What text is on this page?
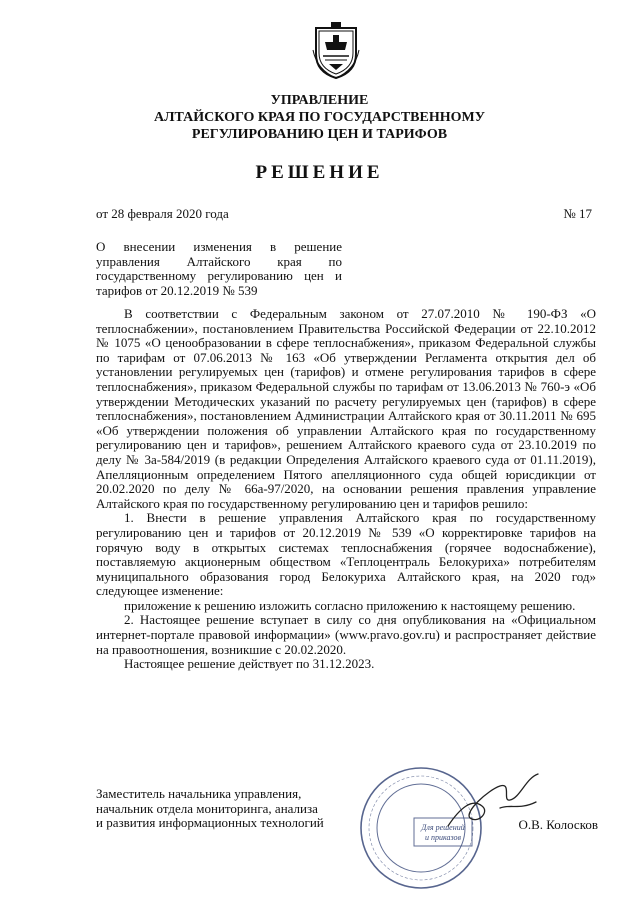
УПРАВЛЕНИЕ
АЛТАЙСКОГО КРАЯ ПО ГОСУДАРСТВЕННОМУ
РЕГУЛИРОВАНИЮ ЦЕН И ТАРИФОВ
РЕШЕНИЕ
от 28 февраля 2020 года	№ 17
О внесении изменения в решение управления Алтайского края по государственному регулированию цен и тарифов от 20.12.2019 № 539

В соответствии с Федеральным законом от 27.07.2010 № 190-ФЗ «О теплоснабжении», постановлением Правительства Российской Федерации от 22.10.2012 № 1075 «О ценообразовании в сфере теплоснабжения», приказом Федеральной службы по тарифам от 07.06.2013 № 163 «Об утверждении Регламента открытия дел об установлении регулируемых цен (тарифов) и отмене регулирования тарифов в сфере теплоснабжения», приказом Федеральной службы по тарифам от 13.06.2013 № 760-э «Об утверждении Методических указаний по расчету регулируемых цен (тарифов) в сфере теплоснабжения», постановлением Администрации Алтайского края от 30.11.2011 № 695 «Об утверждении положения об управлении Алтайского края по государственному регулированию цен и тарифов», решением Алтайского краевого суда от 23.10.2019 по делу № 3а-584/2019 (в редакции Определения Алтайского краевого суда от 01.11.2019), Апелляционным определением Пятого апелляционного суда общей юрисдикции от 20.02.2020 по делу № 66а-97/2020, на основании решения правления управление Алтайского края по государственному регулированию цен и тарифов решило:

1. Внести в решение управления Алтайского края по государственному регулированию цен и тарифов от 20.12.2019 № 539 «О корректировке тарифов на горячую воду в открытых системах теплоснабжения (горячее водоснабжение), поставляемую акционерным обществом «Теплоцентраль Белокуриха» потребителям муниципального образования город Белокуриха Алтайского края, на 2020 год» следующее изменение:

приложение к решению изложить согласно приложению к настоящему решению.

2. Настоящее решение вступает в силу со дня опубликования на «Официальном интернет-портале правовой информации» (www.pravo.gov.ru) и распространяет действие на правоотношения, возникшие с 20.02.2020.

Настоящее решение действует по 31.12.2023.

Заместитель начальника управления,
начальник отдела мониторинга, анализа
и развития информационных технологий	Для решений
и приказов
О.В. Колосков
